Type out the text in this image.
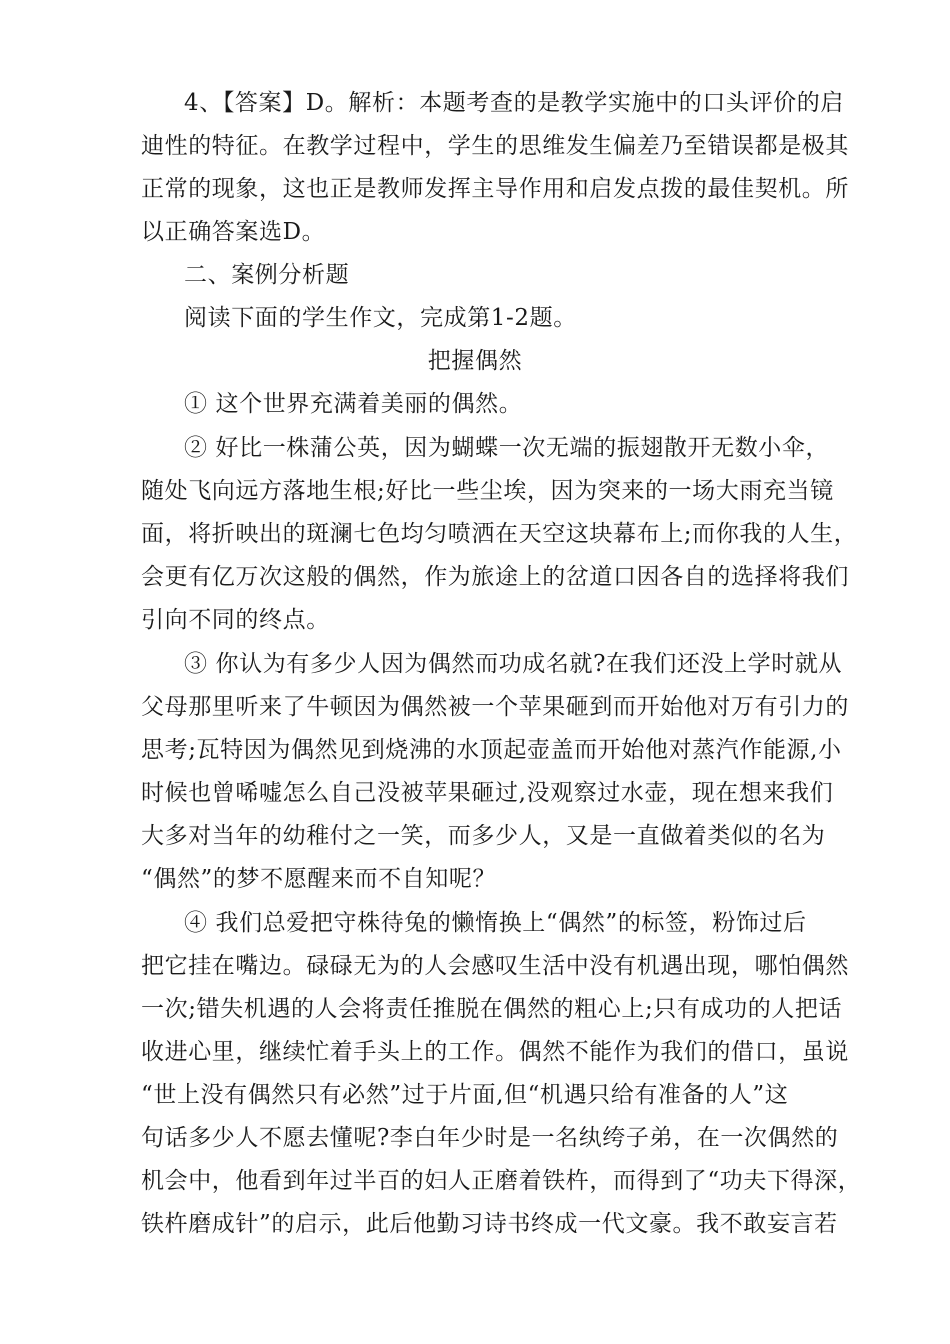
4、【答案】D。解析：本题考查的是教学实施中的口头评价的启
迪性的特征。在教学过程中，学生的思维发生偏差乃至错误都是极其
正常的现象，这也正是教师发挥主导作用和启发点拨的最佳契机。所
以正确答案选D。
二、案例分析题
阅读下面的学生作文，完成第1-2题。
把握偶然
① 这个世界充满着美丽的偶然。
② 好比一株蒲公英，因为蝴蝶一次无端的振翅散开无数小伞，
随处飞向远方落地生根;好比一些尘埃，因为突来的一场大雨充当镜
面，将折映出的斑澜七色均匀喷洒在天空这块幕布上;而你我的人生，
会更有亿万次这般的偶然，作为旅途上的岔道口因各自的选择将我们
引向不同的终点。
③ 你认为有多少人因为偶然而功成名就?在我们还没上学时就从
父母那里听来了牛顿因为偶然被一个苹果砸到而开始他对万有引力的
思考;瓦特因为偶然见到烧沸的水顶起壶盖而开始他对蒸汽作能源,小
时候也曾唏嘘怎么自己没被苹果砸过,没观察过水壶，现在想来我们
大多对当年的幼稚付之一笑，而多少人，又是一直做着类似的名为
“偶然”的梦不愿醒来而不自知呢？
④ 我们总爱把守株待兔的懒惰换上“偶然”的标签，粉饰过后
把它挂在嘴边。碌碌无为的人会感叹生活中没有机遇出现，哪怕偶然
一次;错失机遇的人会将责任推脱在偶然的粗心上;只有成功的人把话
收进心里，继续忙着手头上的工作。偶然不能作为我们的借口，虽说
“世上没有偶然只有必然”过于片面,但“机遇只给有准备的人”这
句话多少人不愿去懂呢?李白年少时是一名纨绔子弟，在一次偶然的
机会中，他看到年过半百的妇人正磨着铁杵，而得到了“功夫下得深，
铁杵磨成针”的启示，此后他勤习诗书终成一代文豪。我不敢妄言若
